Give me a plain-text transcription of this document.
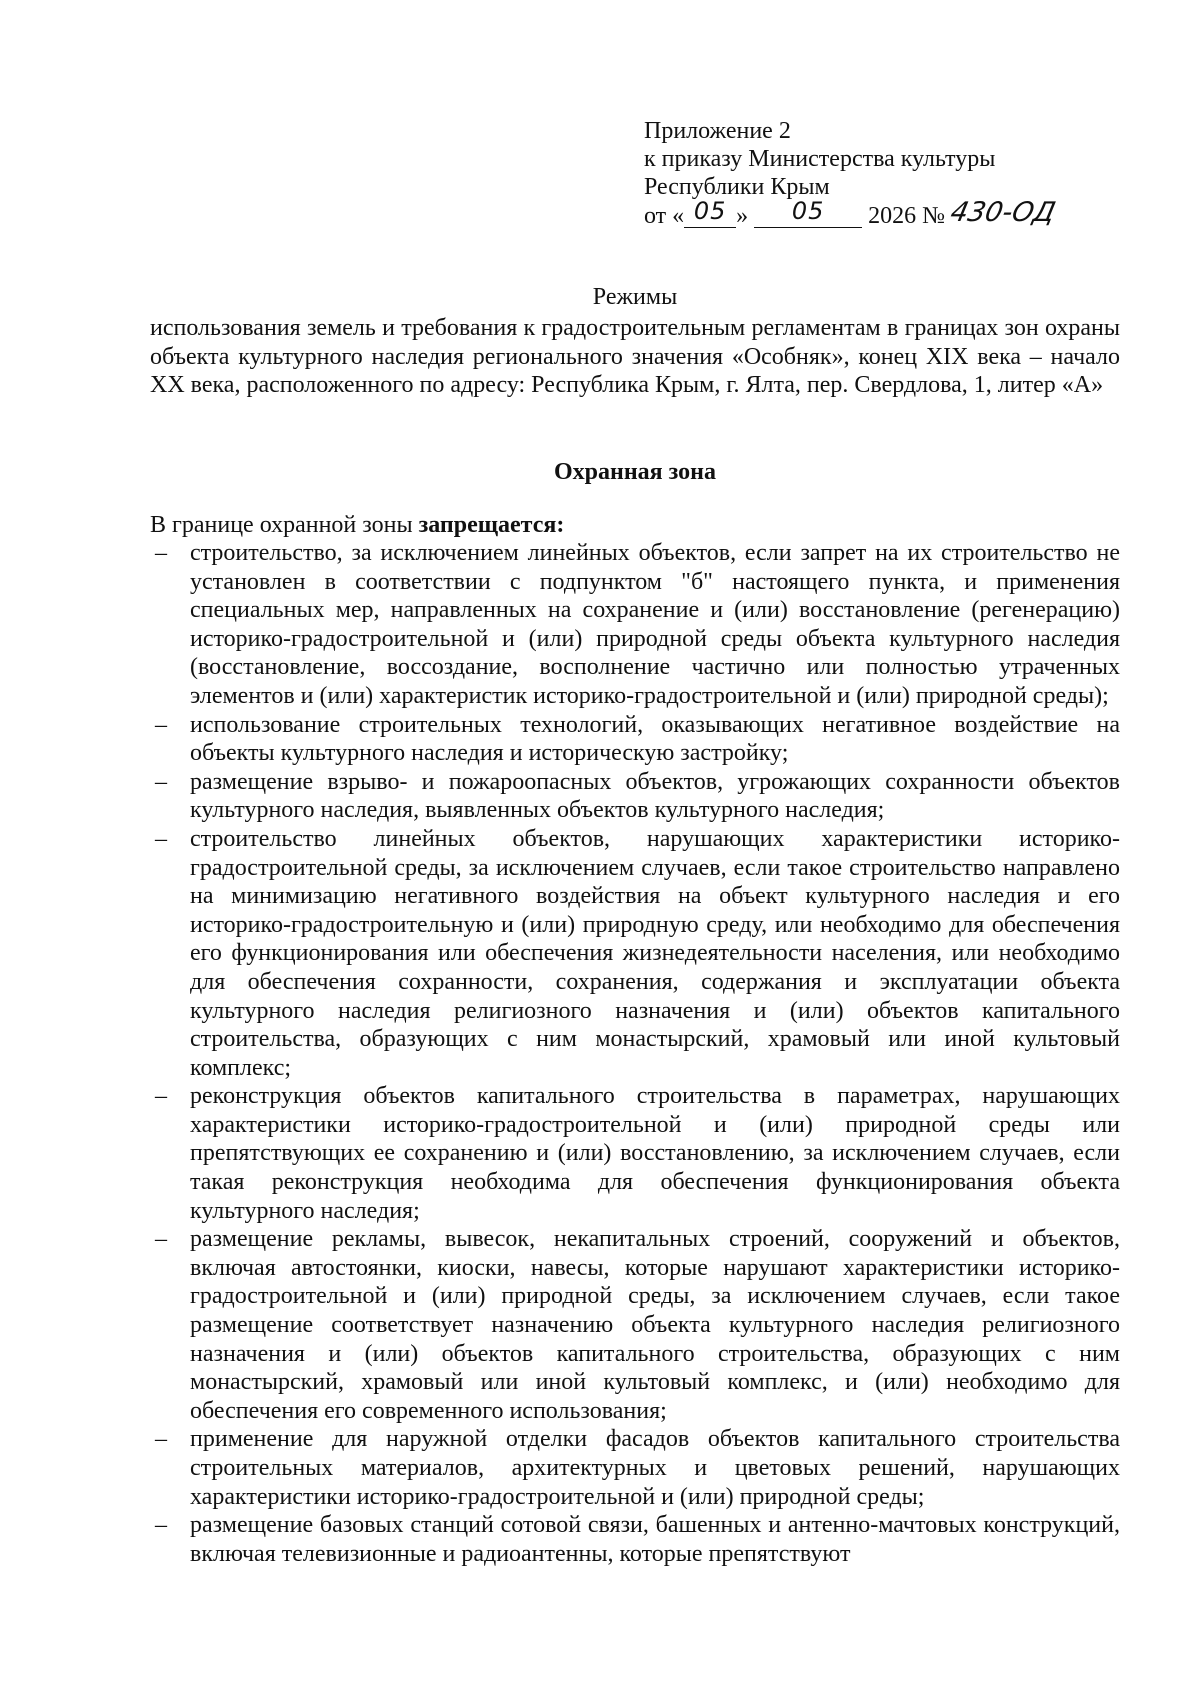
Приложение 2
к приказу Министерства культуры
Республики Крым
от « 05 » 05 2026 № 430-ОД
Режимы
использования земель и требования к градостроительным регламентам в границах зон охраны объекта культурного наследия регионального значения «Особняк», конец XIX века – начало XX века, расположенного по адресу: Республика Крым, г. Ялта, пер. Свердлова, 1, литер «А»
Охранная зона
В границе охранной зоны запрещается:
– строительство, за исключением линейных объектов, если запрет на их строительство не установлен в соответствии с подпунктом "б" настоящего пункта, и применения специальных мер, направленных на сохранение и (или) восстановление (регенерацию) историко-градостроительной и (или) природной среды объекта культурного наследия (восстановление, воссоздание, восполнение частично или полностью утраченных элементов и (или) характеристик историко-градостроительной и (или) природной среды);
– использование строительных технологий, оказывающих негативное воздействие на объекты культурного наследия и историческую застройку;
– размещение взрыво- и пожароопасных объектов, угрожающих сохранности объектов культурного наследия, выявленных объектов культурного наследия;
– строительство линейных объектов, нарушающих характеристики историко-градостроительной среды, за исключением случаев, если такое строительство направлено на минимизацию негативного воздействия на объект культурного наследия и его историко-градостроительную и (или) природную среду, или необходимо для обеспечения его функционирования или обеспечения жизнедеятельности населения, или необходимо для обеспечения сохранности, сохранения, содержания и эксплуатации объекта культурного наследия религиозного назначения и (или) объектов капитального строительства, образующих с ним монастырский, храмовый или иной культовый комплекс;
– реконструкция объектов капитального строительства в параметрах, нарушающих характеристики историко-градостроительной и (или) природной среды или препятствующих ее сохранению и (или) восстановлению, за исключением случаев, если такая реконструкция необходима для обеспечения функционирования объекта культурного наследия;
– размещение рекламы, вывесок, некапитальных строений, сооружений и объектов, включая автостоянки, киоски, навесы, которые нарушают характеристики историко-градостроительной и (или) природной среды, за исключением случаев, если такое размещение соответствует назначению объекта культурного наследия религиозного назначения и (или) объектов капитального строительства, образующих с ним монастырский, храмовый или иной культовый комплекс, и (или) необходимо для обеспечения его современного использования;
– применение для наружной отделки фасадов объектов капитального строительства строительных материалов, архитектурных и цветовых решений, нарушающих характеристики историко-градостроительной и (или) природной среды;
– размещение базовых станций сотовой связи, башенных и антенно-мачтовых конструкций, включая телевизионные и радиоантенны, которые препятствуют
